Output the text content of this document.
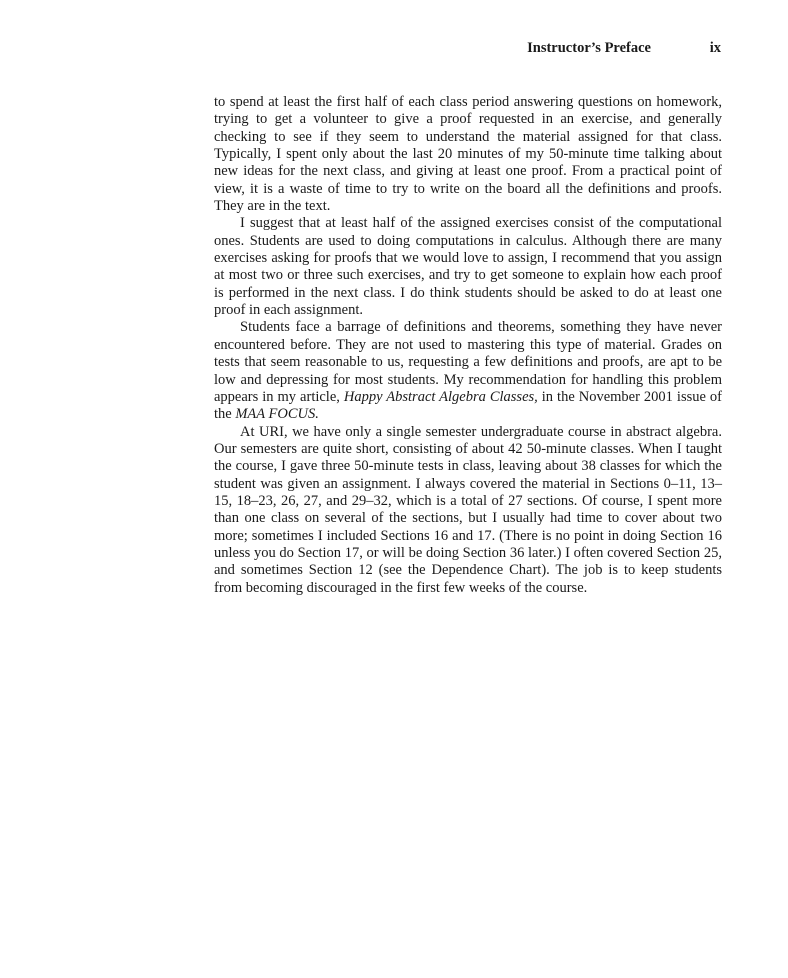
Instructor’s Preface	ix

to spend at least the first half of each class period answering questions on homework, trying to get a volunteer to give a proof requested in an exercise, and generally checking to see if they seem to understand the material assigned for that class. Typically, I spent only about the last 20 minutes of my 50-minute time talking about new ideas for the next class, and giving at least one proof. From a practical point of view, it is a waste of time to try to write on the board all the definitions and proofs. They are in the text.

I suggest that at least half of the assigned exercises consist of the computational ones. Students are used to doing computations in calculus. Although there are many exercises asking for proofs that we would love to assign, I recommend that you assign at most two or three such exercises, and try to get someone to explain how each proof is performed in the next class. I do think students should be asked to do at least one proof in each assignment.

Students face a barrage of definitions and theorems, something they have never encountered before. They are not used to mastering this type of material. Grades on tests that seem reasonable to us, requesting a few definitions and proofs, are apt to be low and depressing for most students. My recommendation for handling this problem appears in my article, Happy Abstract Algebra Classes, in the November 2001 issue of the MAA FOCUS.

At URI, we have only a single semester undergraduate course in abstract algebra. Our semesters are quite short, consisting of about 42 50-minute classes. When I taught the course, I gave three 50-minute tests in class, leaving about 38 classes for which the student was given an assignment. I always covered the material in Sections 0–11, 13–15, 18–23, 26, 27, and 29–32, which is a total of 27 sections. Of course, I spent more than one class on several of the sections, but I usually had time to cover about two more; sometimes I included Sections 16 and 17. (There is no point in doing Section 16 unless you do Section 17, or will be doing Section 36 later.) I often covered Section 25, and sometimes Section 12 (see the Dependence Chart). The job is to keep students from becoming discouraged in the first few weeks of the course.
